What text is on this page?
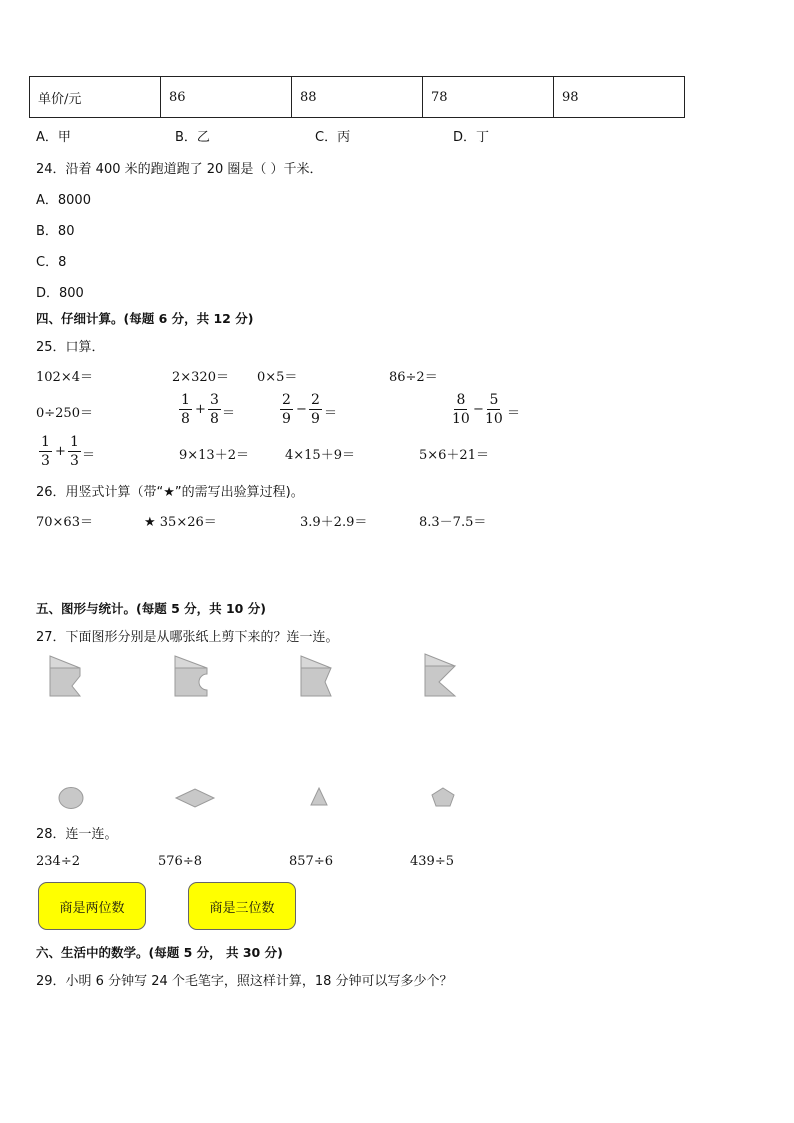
单价/元	86	88	78	98
A．甲	B．乙	C．丙	D．丁
24．沿着 400 米的跑道跑了 20 圈是（ ）千米．
A．8000
B．80
C．8
D．800
四、仔细计算。(每题 6 分，共 12 分)
25．口算．
102×4＝	2×320＝ 0×5＝	86÷2＝
0÷250＝	$\frac{1}{8} + \frac{3}{8}$ ＝	$\frac{2}{9} - \frac{2}{9}$ ＝	$\frac{8}{10} - \frac{5}{10}$ ＝
$\frac{1}{3} + \frac{1}{3}$ ＝	9×13＋2＝	4×15＋9＝	5×6＋21＝
26．用竖式计算（带“★”的需写出验算过程)。
70×63＝	★ 35×26＝	3.9＋2.9＝	8.3－7.5＝
五、图形与统计。(每题 5 分，共 10 分)
27．下面图形分别是从哪张纸上剪下来的？连一连。
28．连一连。
234÷2	576÷8	857÷6	439÷5
商是两位数	商是三位数
六、生活中的数学。(每题 5 分， 共 30 分)
29．小明 6 分钟写 24 个毛笔字，照这样计算，18 分钟可以写多少个？
